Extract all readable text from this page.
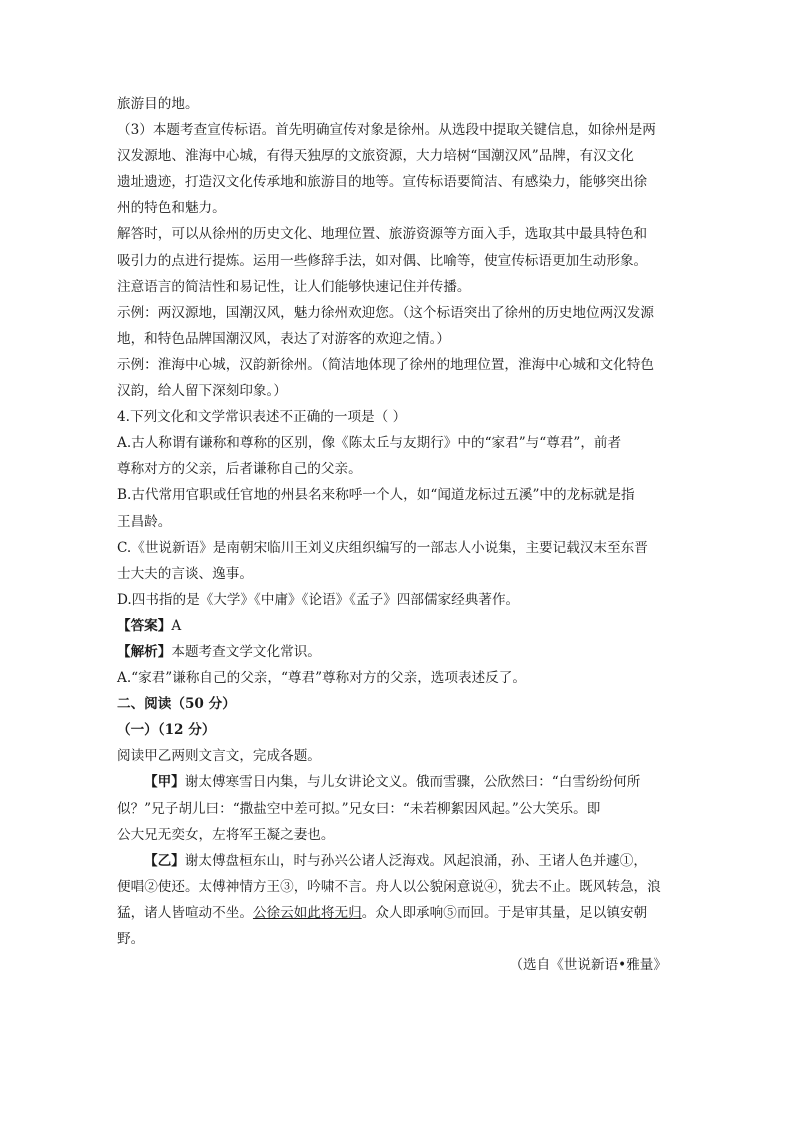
旅游目的地。
（3）本题考查宣传标语。首先明确宣传对象是徐州。从选段中提取关键信息，如徐州是两
汉发源地、淮海中心城，有得天独厚的文旅资源，大力培树“国潮汉风”品牌，有汉文化
遗址遗迹，打造汉文化传承地和旅游目的地等。宣传标语要简洁、有感染力，能够突出徐
州的特色和魅力。
解答时，可以从徐州的历史文化、地理位置、旅游资源等方面入手，选取其中最具特色和
吸引力的点进行提炼。运用一些修辞手法，如对偶、比喻等，使宣传标语更加生动形象。
注意语言的简洁性和易记性，让人们能够快速记住并传播。
示例：两汉源地，国潮汉风，魅力徐州欢迎您。（这个标语突出了徐州的历史地位两汉发源
地，和特色品牌国潮汉风，表达了对游客的欢迎之情。）
示例：淮海中心城，汉韵新徐州。（简洁地体现了徐州的地理位置，淮海中心城和文化特色
汉韵，给人留下深刻印象。）
4.下列文化和文学常识表述不正确的一项是（ ）
A.古人称谓有谦称和尊称的区别，像《陈太丘与友期行》中的“家君”与“尊君”，前者
尊称对方的父亲，后者谦称自己的父亲。
B.古代常用官职或任官地的州县名来称呼一个人，如“闻道龙标过五溪”中的龙标就是指
王昌龄。
C.《世说新语》是南朝宋临川王刘义庆组织编写的一部志人小说集，主要记载汉末至东晋
士大夫的言谈、逸事。
D.四书指的是《大学》《中庸》《论语》《孟子》四部儒家经典著作。
【答案】A
【解析】本题考查文学文化常识。
A.“家君”谦称自己的父亲，“尊君”尊称对方的父亲，选项表述反了。
二、阅读（50 分）
（一）（12 分）
阅读甲乙两则文言文，完成各题。
【甲】谢太傅寒雪日内集，与儿女讲论文义。俄而雪骤，公欣然曰：“白雪纷纷何所
似？”兄子胡儿曰：“撒盐空中差可拟。”兄女曰：“未若柳絮因风起。”公大笑乐。即
公大兄无奕女，左将军王凝之妻也。
【乙】谢太傅盘桓东山，时与孙兴公诸人泛海戏。风起浪涌，孙、王诸人色并遽①，
便唱②使还。太傅神情方王③，吟啸不言。舟人以公貌闲意说④，犹去不止。既风转急，浪
猛，诸人皆喧动不坐。公徐云如此将无归。众人即承响⑤而回。于是审其量，足以镇安朝
野。
（选自《世说新语•雅量》
